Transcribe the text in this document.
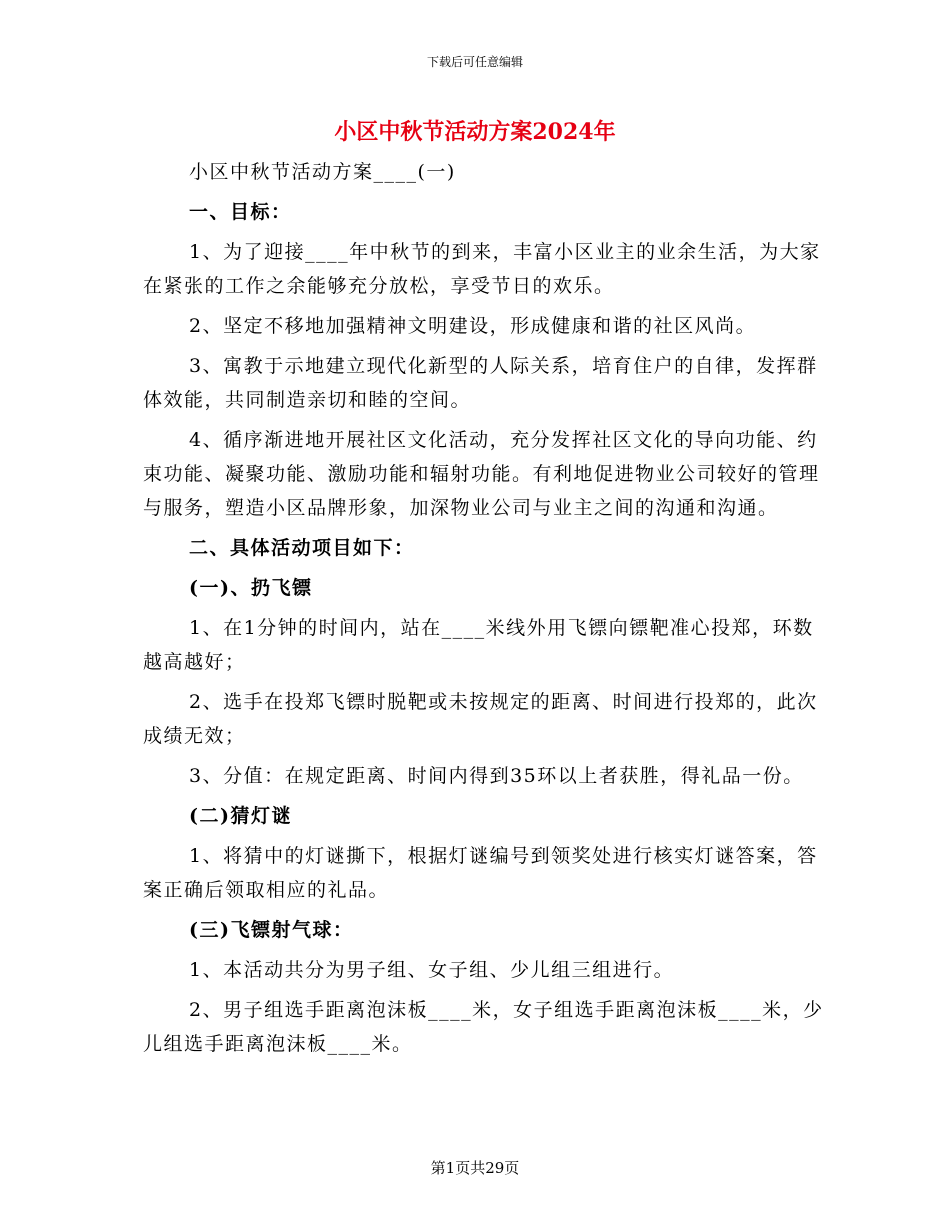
下载后可任意编辑
小区中秋节活动方案2024年

小区中秋节活动方案____(一)

一、目标：

1、为了迎接____年中秋节的到来，丰富小区业主的业余生活，为大家在紧张的工作之余能够充分放松，享受节日的欢乐。

2、坚定不移地加强精神文明建设，形成健康和谐的社区风尚。

3、寓教于示地建立现代化新型的人际关系，培育住户的自律，发挥群体效能，共同制造亲切和睦的空间。

4、循序渐进地开展社区文化活动，充分发挥社区文化的导向功能、约束功能、凝聚功能、激励功能和辐射功能。有利地促进物业公司较好的管理与服务，塑造小区品牌形象，加深物业公司与业主之间的沟通和沟通。

二、具体活动项目如下：

(一)、扔飞镖

1、在1分钟的时间内，站在____米线外用飞镖向镖靶准心投郑，环数越高越好；

2、选手在投郑飞镖时脱靶或未按规定的距离、时间进行投郑的，此次成绩无效；

3、分值：在规定距离、时间内得到35环以上者获胜，得礼品一份。

(二)猜灯谜

1、将猜中的灯谜撕下，根据灯谜编号到领奖处进行核实灯谜答案，答案正确后领取相应的礼品。

(三)飞镖射气球：

1、本活动共分为男子组、女子组、少儿组三组进行。

2、男子组选手距离泡沫板____米，女子组选手距离泡沫板____米，少儿组选手距离泡沫板____米。

第1页共29页
